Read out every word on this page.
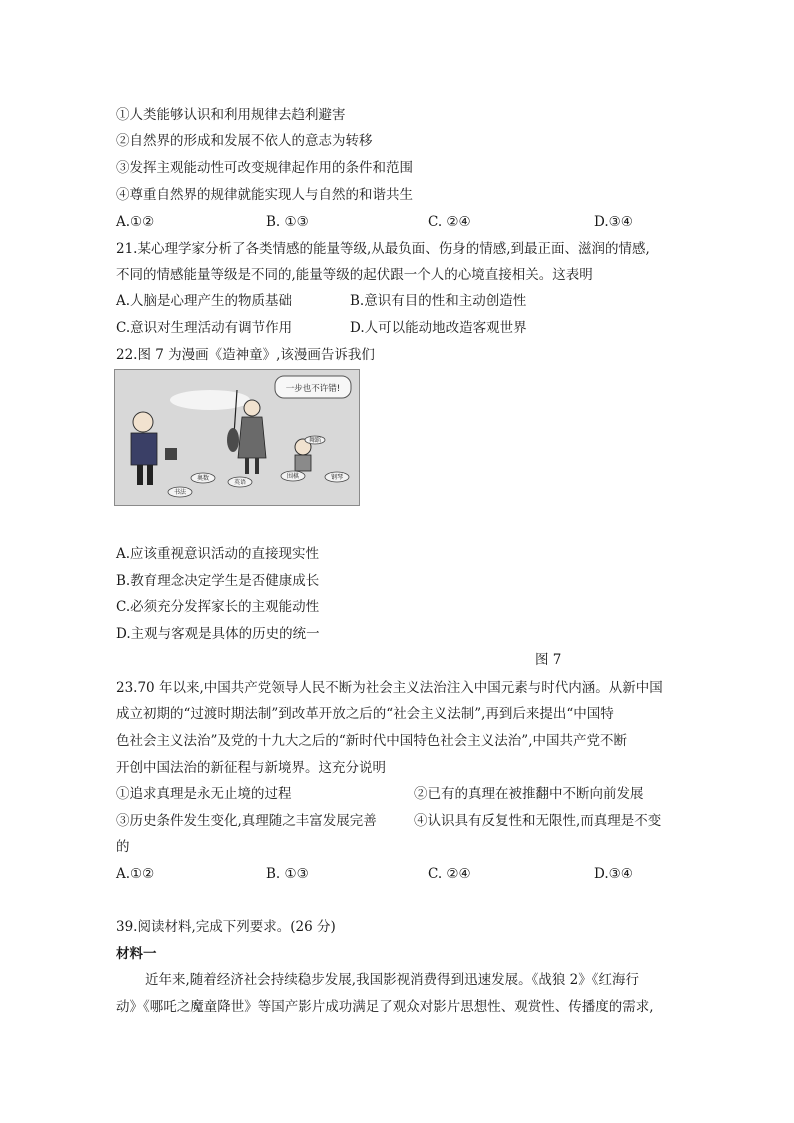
①人类能够认识和利用规律去趋利避害
②自然界的形成和发展不依人的意志为转移
③发挥主观能动性可改变规律起作用的条件和范围
④尊重自然界的规律就能实现人与自然的和谐共生
A.①②	B. ①③	C. ②④	D.③④
21.某心理学家分析了各类情感的能量等级,从最负面、伤身的情感,到最正面、滋润的情感,
不同的情感能量等级是不同的,能量等级的起伏跟一个人的心境直接相关。这表明
A.人脑是心理产生的物质基础	B.意识有目的性和主动创造性
C.意识对生理活动有调节作用	D.人可以能动地改造客观世界
22.图 7 为漫画《造神童》,该漫画告诉我们
一步也不许错!
舞蹈
奥数
英语
书法
围棋	钢琴
A.应该重视意识活动的直接现实性
B.教育理念决定学生是否健康成长
C.必须充分发挥家长的主观能动性
D.主观与客观是具体的历史的统一
图 7
23.70 年以来,中国共产党领导人民不断为社会主义法治注入中国元素与时代内涵。从新中国
成立初期的“过渡时期法制”到改革开放之后的“社会主义法制”,再到后来提出“中国特
色社会主义法治”及党的十九大之后的“新时代中国特色社会主义法治”,中国共产党不断
开创中国法治的新征程与新境界。这充分说明
①追求真理是永无止境的过程	②已有的真理在被推翻中不断向前发展
③历史条件发生变化,真理随之丰富发展完善	④认识具有反复性和无限性,而真理是不变
的
A.①②	B. ①③	C. ②④	D.③④
39.阅读材料,完成下列要求。(26 分)
材料一
近年来,随着经济社会持续稳步发展,我国影视消费得到迅速发展。《战狼 2》《红海行
动》《哪吒之魔童降世》等国产影片成功满足了观众对影片思想性、观赏性、传播度的需求,
